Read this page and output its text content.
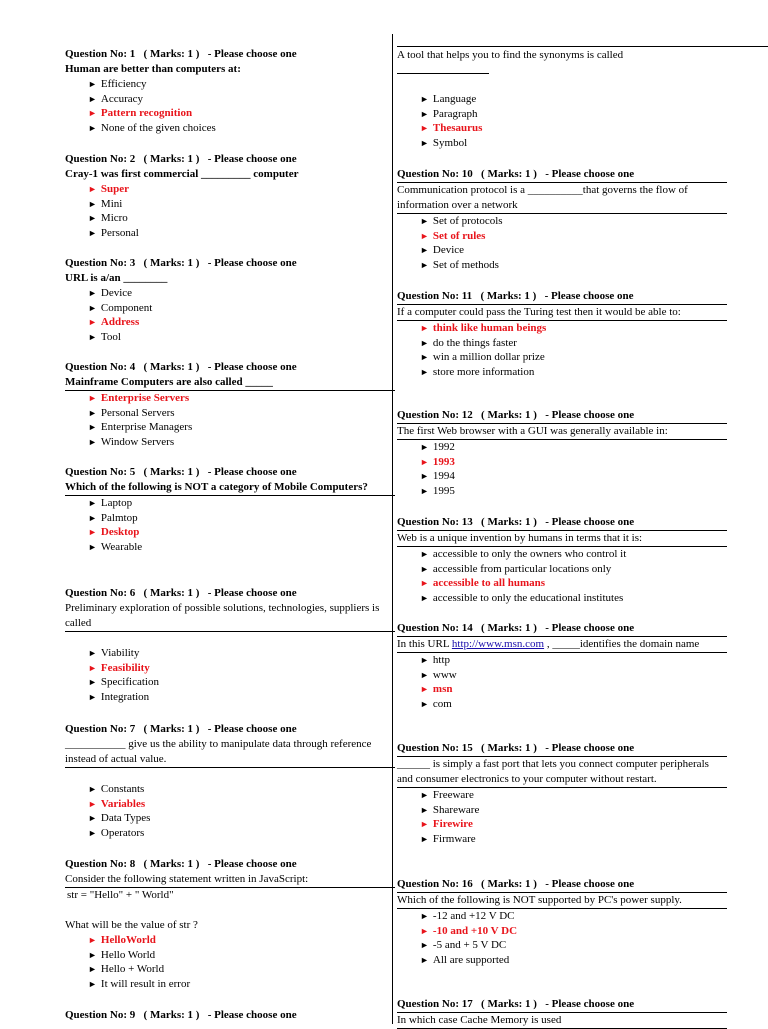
Question No: 1 ( Marks: 1 ) - Please choose one
Human are better than computers at:
► Efficiency
► Accuracy
► Pattern recognition
► None of the given choices
Question No: 2 ( Marks: 1 ) - Please choose one
Cray-1 was first commercial _________ computer
► Super
► Mini
► Micro
► Personal
Question No: 3 ( Marks: 1 ) - Please choose one
URL is a/an ________
► Device
► Component
► Address
► Tool
Question No: 4 ( Marks: 1 ) - Please choose one
Mainframe Computers are also called _____
► Enterprise Servers
► Personal Servers
► Enterprise Managers
► Window Servers
Question No: 5 ( Marks: 1 ) - Please choose one
Which of the following is NOT a category of Mobile Computers?
► Laptop
► Palmtop
► Desktop
► Wearable
Question No: 6 ( Marks: 1 ) - Please choose one
Preliminary exploration of possible solutions, technologies, suppliers is called
► Viability
► Feasibility
► Specification
► Integration
Question No: 7 ( Marks: 1 ) - Please choose one
___________ give us the ability to manipulate data through reference instead of actual value.
► Constants
► Variables
► Data Types
► Operators
Question No: 8 ( Marks: 1 ) - Please choose one
Consider the following statement written in JavaScript:
str = "Hello" + " World"
What will be the value of str ?
► HelloWorld
► Hello World
► Hello + World
► It will result in error
Question No: 9 ( Marks: 1 ) - Please choose one
A tool that helps you to find the synonyms is called
► Language
► Paragraph
► Thesaurus
► Symbol
Question No: 10 ( Marks: 1 ) - Please choose one
Communication protocol is a __________that governs the flow of information over a network
► Set of protocols
► Set of rules
► Device
► Set of methods
Question No: 11 ( Marks: 1 ) - Please choose one
If a computer could pass the Turing test then it would be able to:
► think like human beings
► do the things faster
► win a million dollar prize
► store more information
Question No: 12 ( Marks: 1 ) - Please choose one
The first Web browser with a GUI was generally available in:
► 1992
► 1993
► 1994
► 1995
Question No: 13 ( Marks: 1 ) - Please choose one
Web is a unique invention by humans in terms that it is:
► accessible to only the owners who control it
► accessible from particular locations only
► accessible to all humans
► accessible to only the educational institutes
Question No: 14 ( Marks: 1 ) - Please choose one
In this URL http://www.msn.com , _____identifies the domain name
► http
► www
► msn
► com
Question No: 15 ( Marks: 1 ) - Please choose one
______ is simply a fast port that lets you connect computer peripherals and consumer electronics to your computer without restart.
► Freeware
► Shareware
► Firewire
► Firmware
Question No: 16 ( Marks: 1 ) - Please choose one
Which of the following is NOT supported by PC's power supply.
► -12 and +12 V DC
► -10 and +10 V DC
► -5 and + 5 V DC
► All are supported
Question No: 17 ( Marks: 1 ) - Please choose one
In which case Cache Memory is used
